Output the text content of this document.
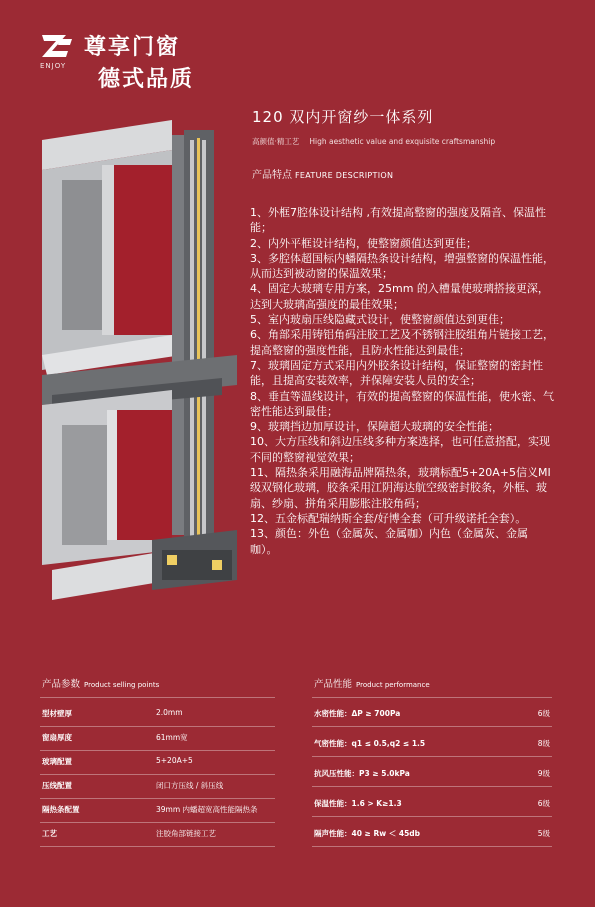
ENJOY
尊享门窗
德式品质
120 双内开窗纱一体系列
高颜值·精工艺 High aesthetic value and exquisite craftsmanship
产品特点 FEATURE DESCRIPTION

1、外框7腔体设计结构 ,有效提高整窗的强度及隔音、保温性能；

2、内外平框设计结构，使整窗颜值达到更佳；

3、多腔体超国标内蟠隔热条设计结构，增强整窗的保温性能，从而达到被动窗的保温效果；

4、固定大玻璃专用方案，25mm 的入槽量使玻璃搭接更深，达到大玻璃高强度的最佳效果；

5、室内玻扇压线隐藏式设计，使整窗颜值达到更佳；

6、角部采用铸铝角码注胶工艺及不锈钢注胶组角片链接工艺，提高整窗的强度性能，且防水性能达到最佳；

7、玻璃固定方式采用内外胶条设计结构，保证整窗的密封性能，且提高安装效率，并保障安装人员的安全；

8、垂直等温线设计，有效的提高整窗的保温性能，使水密、气密性能达到最佳；

9、玻璃挡边加厚设计，保障超大玻璃的安全性能；

10、大方压线和斜边压线多种方案选择，也可任意搭配，实现不同的整窗视觉效果；

11、隔热条采用融海品牌隔热条，玻璃标配5+20A+5信义MI级双钢化玻璃，胶条采用江阴海达航空级密封胶条，外框、玻扇、纱扇、拼角采用膨胀注胶角码；

12、五金标配瑞纳斯全套/好博全套（可升级诺托全套）。

13、颜色：外色（金属灰、金属咖）内色（金属灰、金属咖）。

产品参数 Product selling points
型材壁厚	2.0mm
窗扇厚度	61mm宽
玻璃配置	5+20A+5
压线配置	闭口方压线 / 斜压线
隔热条配置	39mm 内蟠超宽高性能隔热条
工艺	注胶角部链接工艺
产品性能 Product performance
水密性能：ΔP ≥ 700Pa	6级
气密性能：q1 ≤ 0.5,q2 ≤ 1.5	8级
抗风压性能：P3 ≥ 5.0kPa	9级
保温性能：1.6 > K≥1.3	6级
隔声性能：40 ≥ Rw ＜ 45db	5级
